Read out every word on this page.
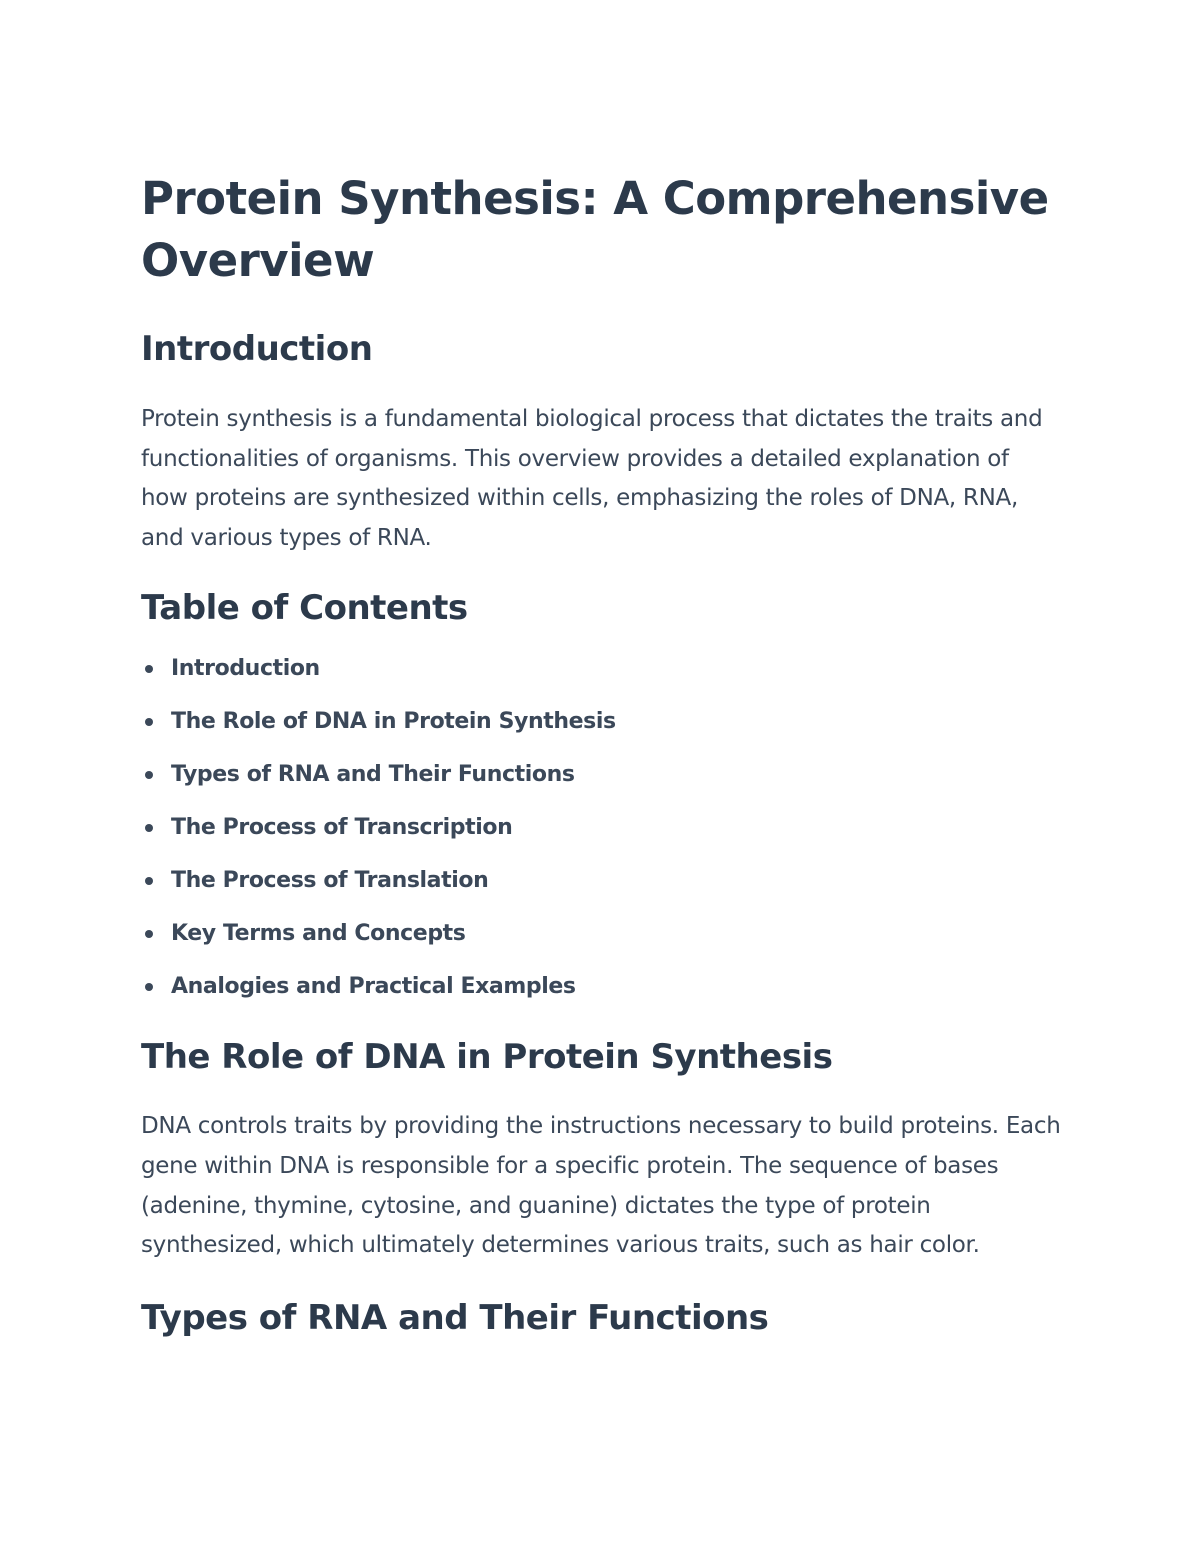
Protein Synthesis: A Comprehensive Overview
Introduction

Protein synthesis is a fundamental biological process that dictates the traits and functionalities of organisms. This overview provides a detailed explanation of how proteins are synthesized within cells, emphasizing the roles of DNA, RNA, and various types of RNA.

Table of Contents
Introduction
The Role of DNA in Protein Synthesis
Types of RNA and Their Functions
The Process of Transcription
The Process of Translation
Key Terms and Concepts
Analogies and Practical Examples
The Role of DNA in Protein Synthesis

DNA controls traits by providing the instructions necessary to build proteins. Each gene within DNA is responsible for a specific protein. The sequence of bases (adenine, thymine, cytosine, and guanine) dictates the type of protein synthesized, which ultimately determines various traits, such as hair color.

Types of RNA and Their Functions
